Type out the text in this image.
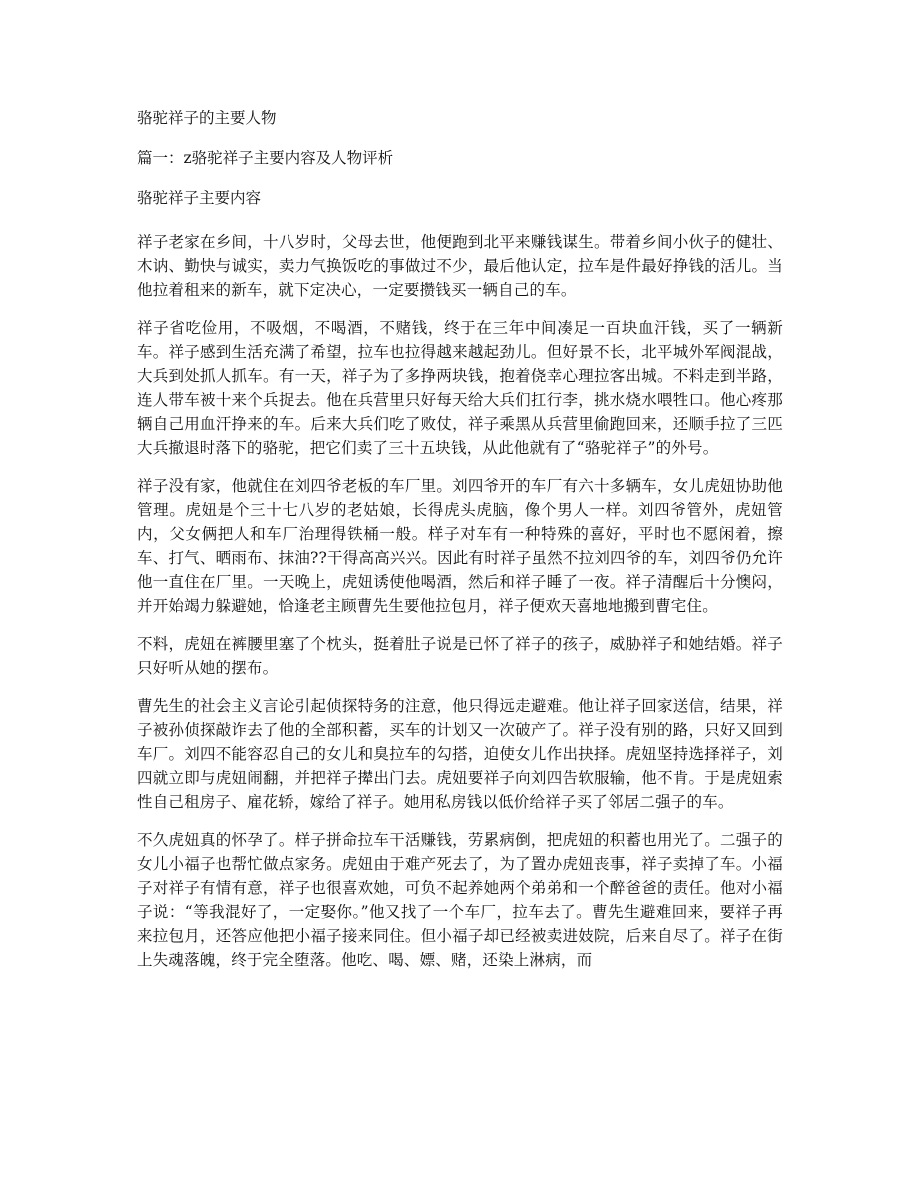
骆驼祥子的主要人物

篇一：z骆驼祥子主要内容及人物评析

骆驼祥子主要内容

祥子老家在乡间，十八岁时，父母去世，他便跑到北平来赚钱谋生。带着乡间小伙子的健壮、木讷、勤快与诚实，卖力气换饭吃的事做过不少，最后他认定，拉车是件最好挣钱的活儿。当他拉着租来的新车，就下定决心，一定要攒钱买一辆自己的车。

祥子省吃俭用，不吸烟，不喝酒，不赌钱，终于在三年中间凑足一百块血汗钱，买了一辆新车。祥子感到生活充满了希望，拉车也拉得越来越起劲儿。但好景不长，北平城外军阀混战，大兵到处抓人抓车。有一天，祥子为了多挣两块钱，抱着侥幸心理拉客出城。不料走到半路，连人带车被十来个兵捉去。他在兵营里只好每天给大兵们扛行李，挑水烧水喂牲口。他心疼那辆自己用血汗挣来的车。后来大兵们吃了败仗，祥子乘黑从兵营里偷跑回来，还顺手拉了三匹大兵撤退时落下的骆驼，把它们卖了三十五块钱，从此他就有了“骆驼祥子”的外号。

祥子没有家，他就住在刘四爷老板的车厂里。刘四爷开的车厂有六十多辆车，女儿虎妞协助他管理。虎妞是个三十七八岁的老姑娘，长得虎头虎脑，像个男人一样。刘四爷管外，虎妞管内，父女俩把人和车厂治理得铁桶一般。样子对车有一种特殊的喜好，平时也不愿闲着，擦车、打气、晒雨布、抹油??干得高高兴兴。因此有时祥子虽然不拉刘四爷的车，刘四爷仍允许他一直住在厂里。一天晚上，虎妞诱使他喝酒，然后和祥子睡了一夜。祥子清醒后十分懊闷，并开始竭力躲避她，恰逢老主顾曹先生要他拉包月，祥子便欢天喜地地搬到曹宅住。

不料，虎妞在裤腰里塞了个枕头，挺着肚子说是已怀了祥子的孩子，威胁祥子和她结婚。祥子只好听从她的摆布。

曹先生的社会主义言论引起侦探特务的注意，他只得远走避难。他让祥子回家送信，结果，祥子被孙侦探敲诈去了他的全部积蓄，买车的计划又一次破产了。祥子没有别的路，只好又回到车厂。刘四不能容忍自己的女儿和臭拉车的勾搭，迫使女儿作出抉择。虎妞坚持选择祥子，刘四就立即与虎妞闹翻，并把祥子撵出门去。虎妞要祥子向刘四告软服输，他不肯。于是虎妞索性自己租房子、雇花轿，嫁给了祥子。她用私房钱以低价给祥子买了邻居二强子的车。

不久虎妞真的怀孕了。样子拼命拉车干活赚钱，劳累病倒，把虎妞的积蓄也用光了。二强子的女儿小福子也帮忙做点家务。虎妞由于难产死去了，为了置办虎妞丧事，祥子卖掉了车。小福子对祥子有情有意，祥子也很喜欢她，可负不起养她两个弟弟和一个醉爸爸的责任。他对小福子说：“等我混好了，一定娶你。”他又找了一个车厂，拉车去了。曹先生避难回来，要祥子再来拉包月，还答应他把小福子接来同住。但小福子却已经被卖进妓院，后来自尽了。祥子在街上失魂落魄，终于完全堕落。他吃、喝、嫖、赌，还染上淋病，而
